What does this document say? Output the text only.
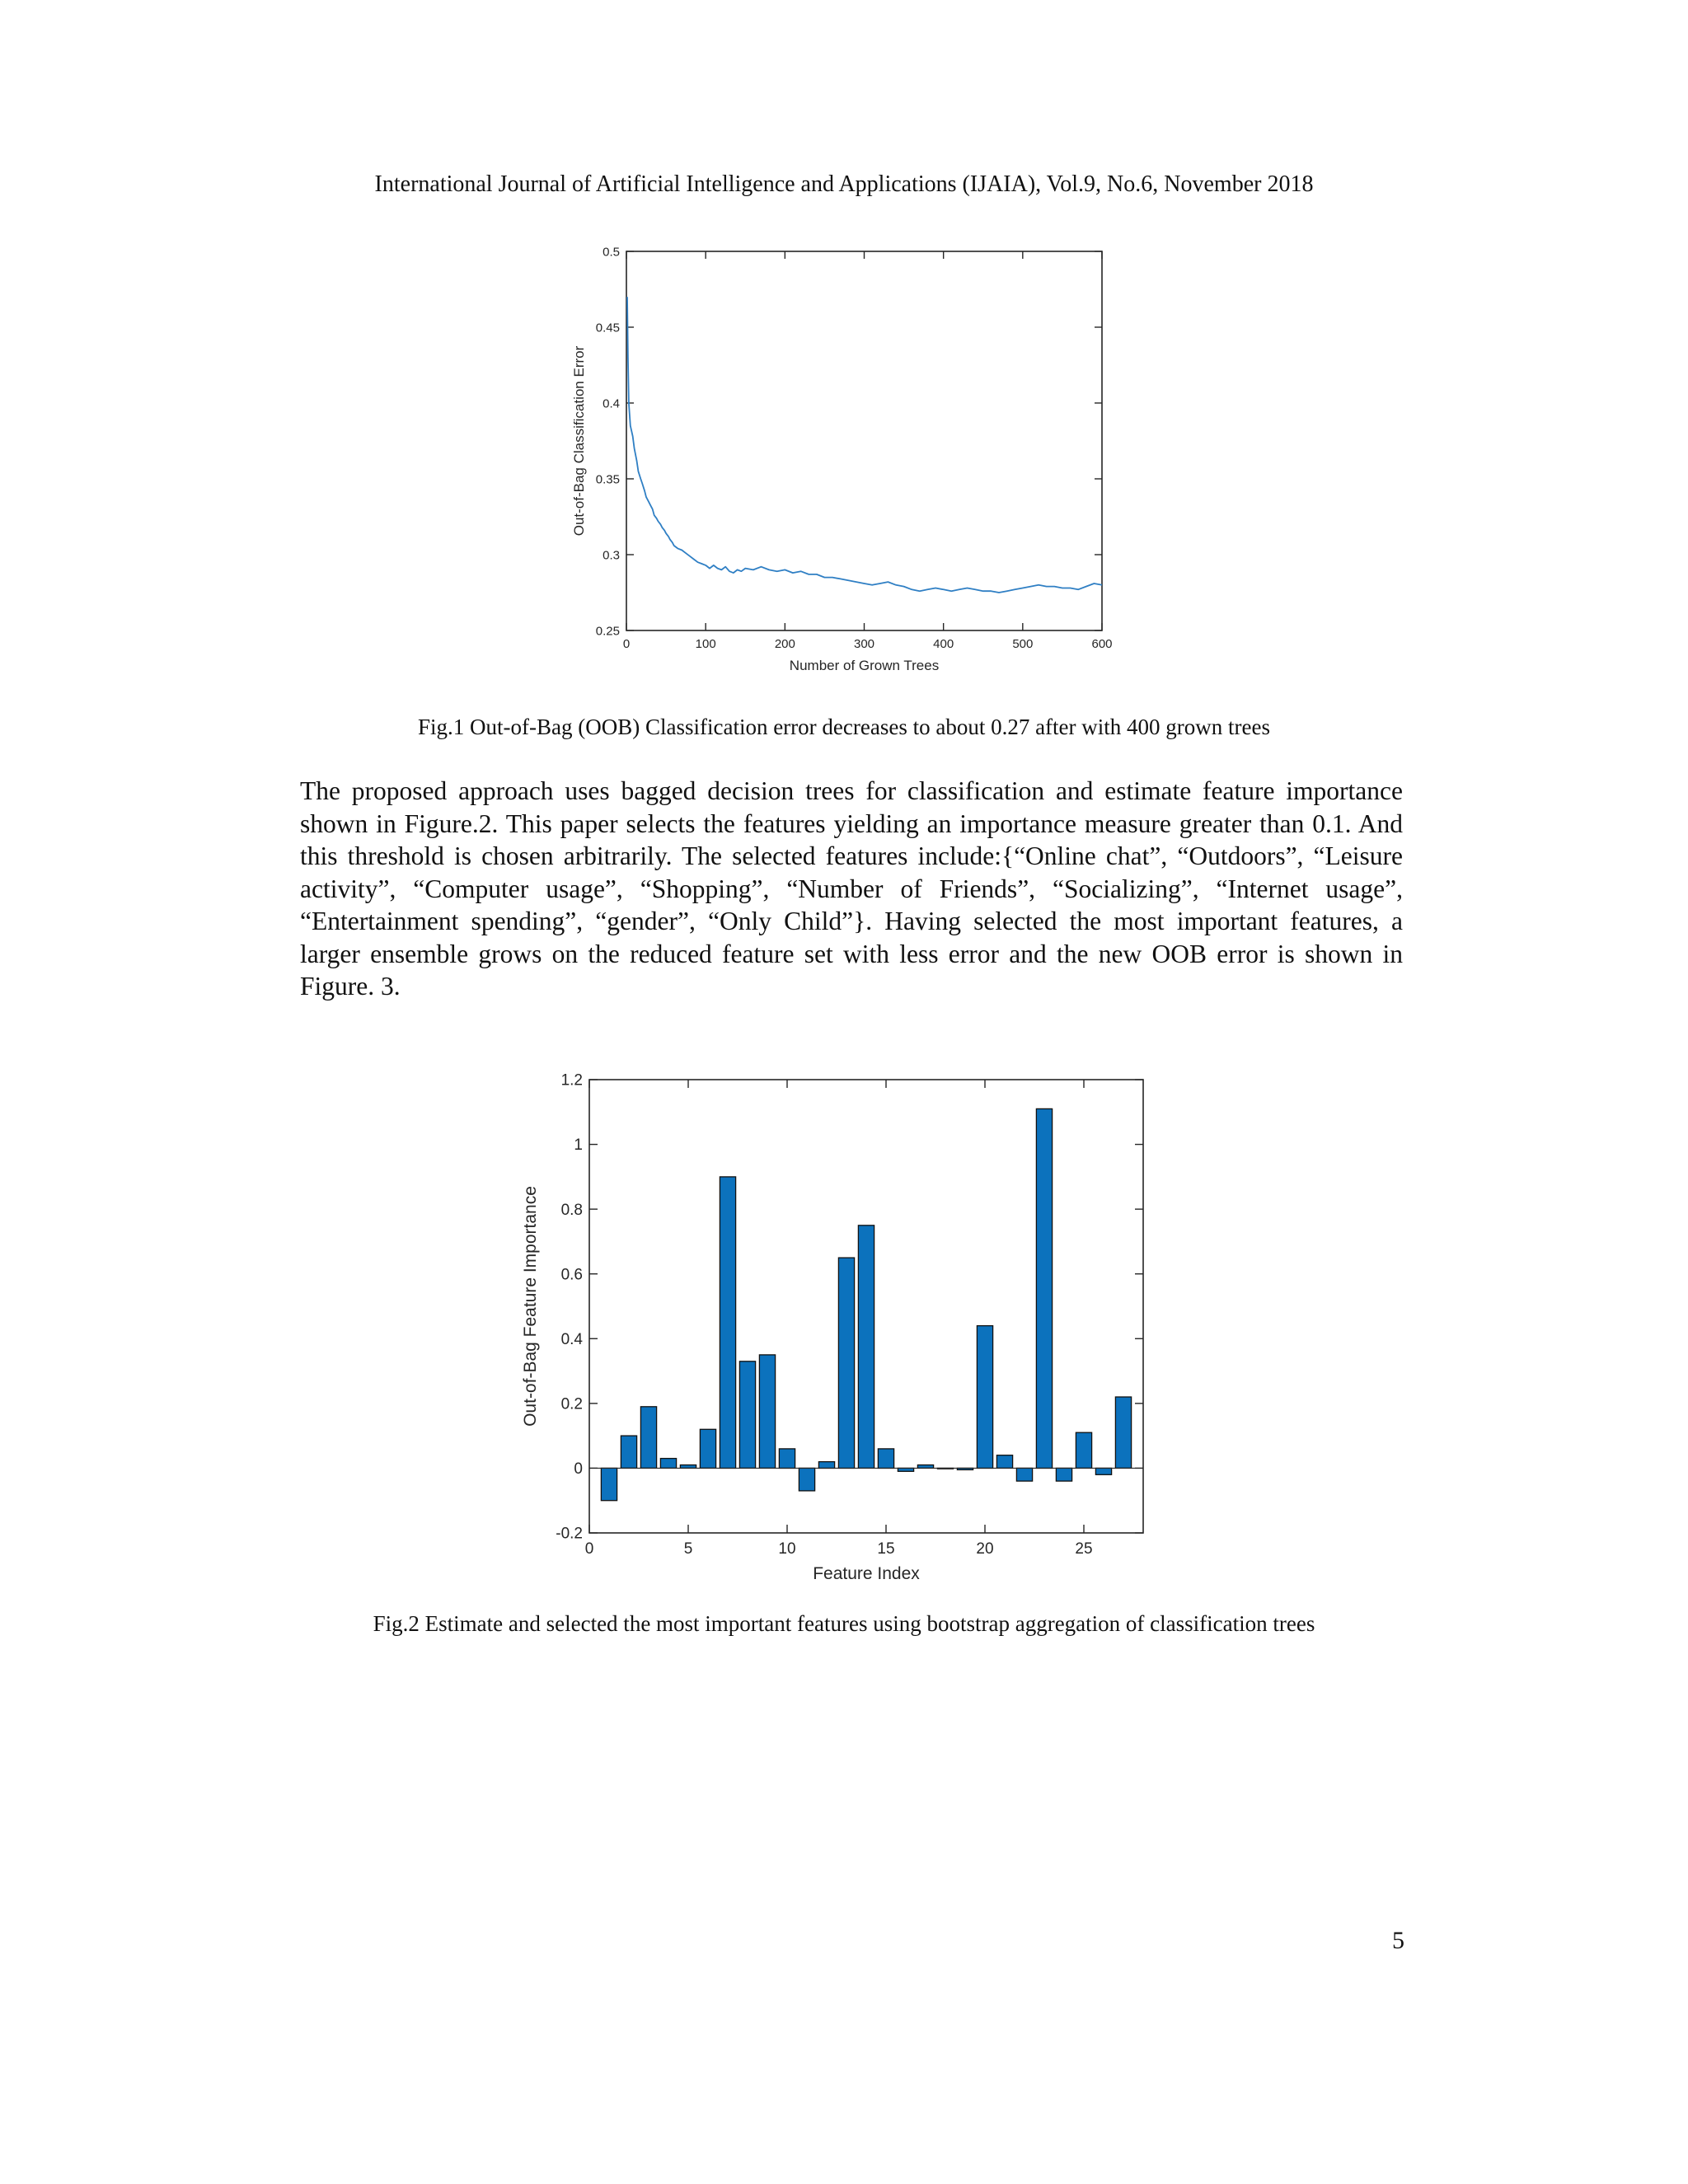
International Journal of Artificial Intelligence and Applications (IJAIA), Vol.9, No.6, November 2018
0	100	200	300	400	500	600
0.25
0.3
0.35
0.4
0.45
0.5
Number of Grown Trees
Out-of-Bag Classification Error
Fig.1 Out-of-Bag (OOB) Classification error decreases to about 0.27 after with 400 grown trees

The proposed approach uses bagged decision trees for classification and estimate feature importance shown in Figure.2. This paper selects the features yielding an importance measure greater than 0.1. And this threshold is chosen arbitrarily. The selected features include:{“Online chat”, “Outdoors”, “Leisure activity”, “Computer usage”, “Shopping”, “Number of Friends”, “Socializing”, “Internet usage”, “Entertainment spending”, “gender”, “Only Child”}. Having selected the most important features, a larger ensemble grows on the reduced feature set with less error and the new OOB error is shown in Figure. 3.

0	5	10	15	20	25
-0.2
0
0.2
0.4
0.6
0.8
1
1.2
Feature Index
Out-of-Bag Feature Importance
Fig.2 Estimate and selected the most important features using bootstrap aggregation of classification trees
5
